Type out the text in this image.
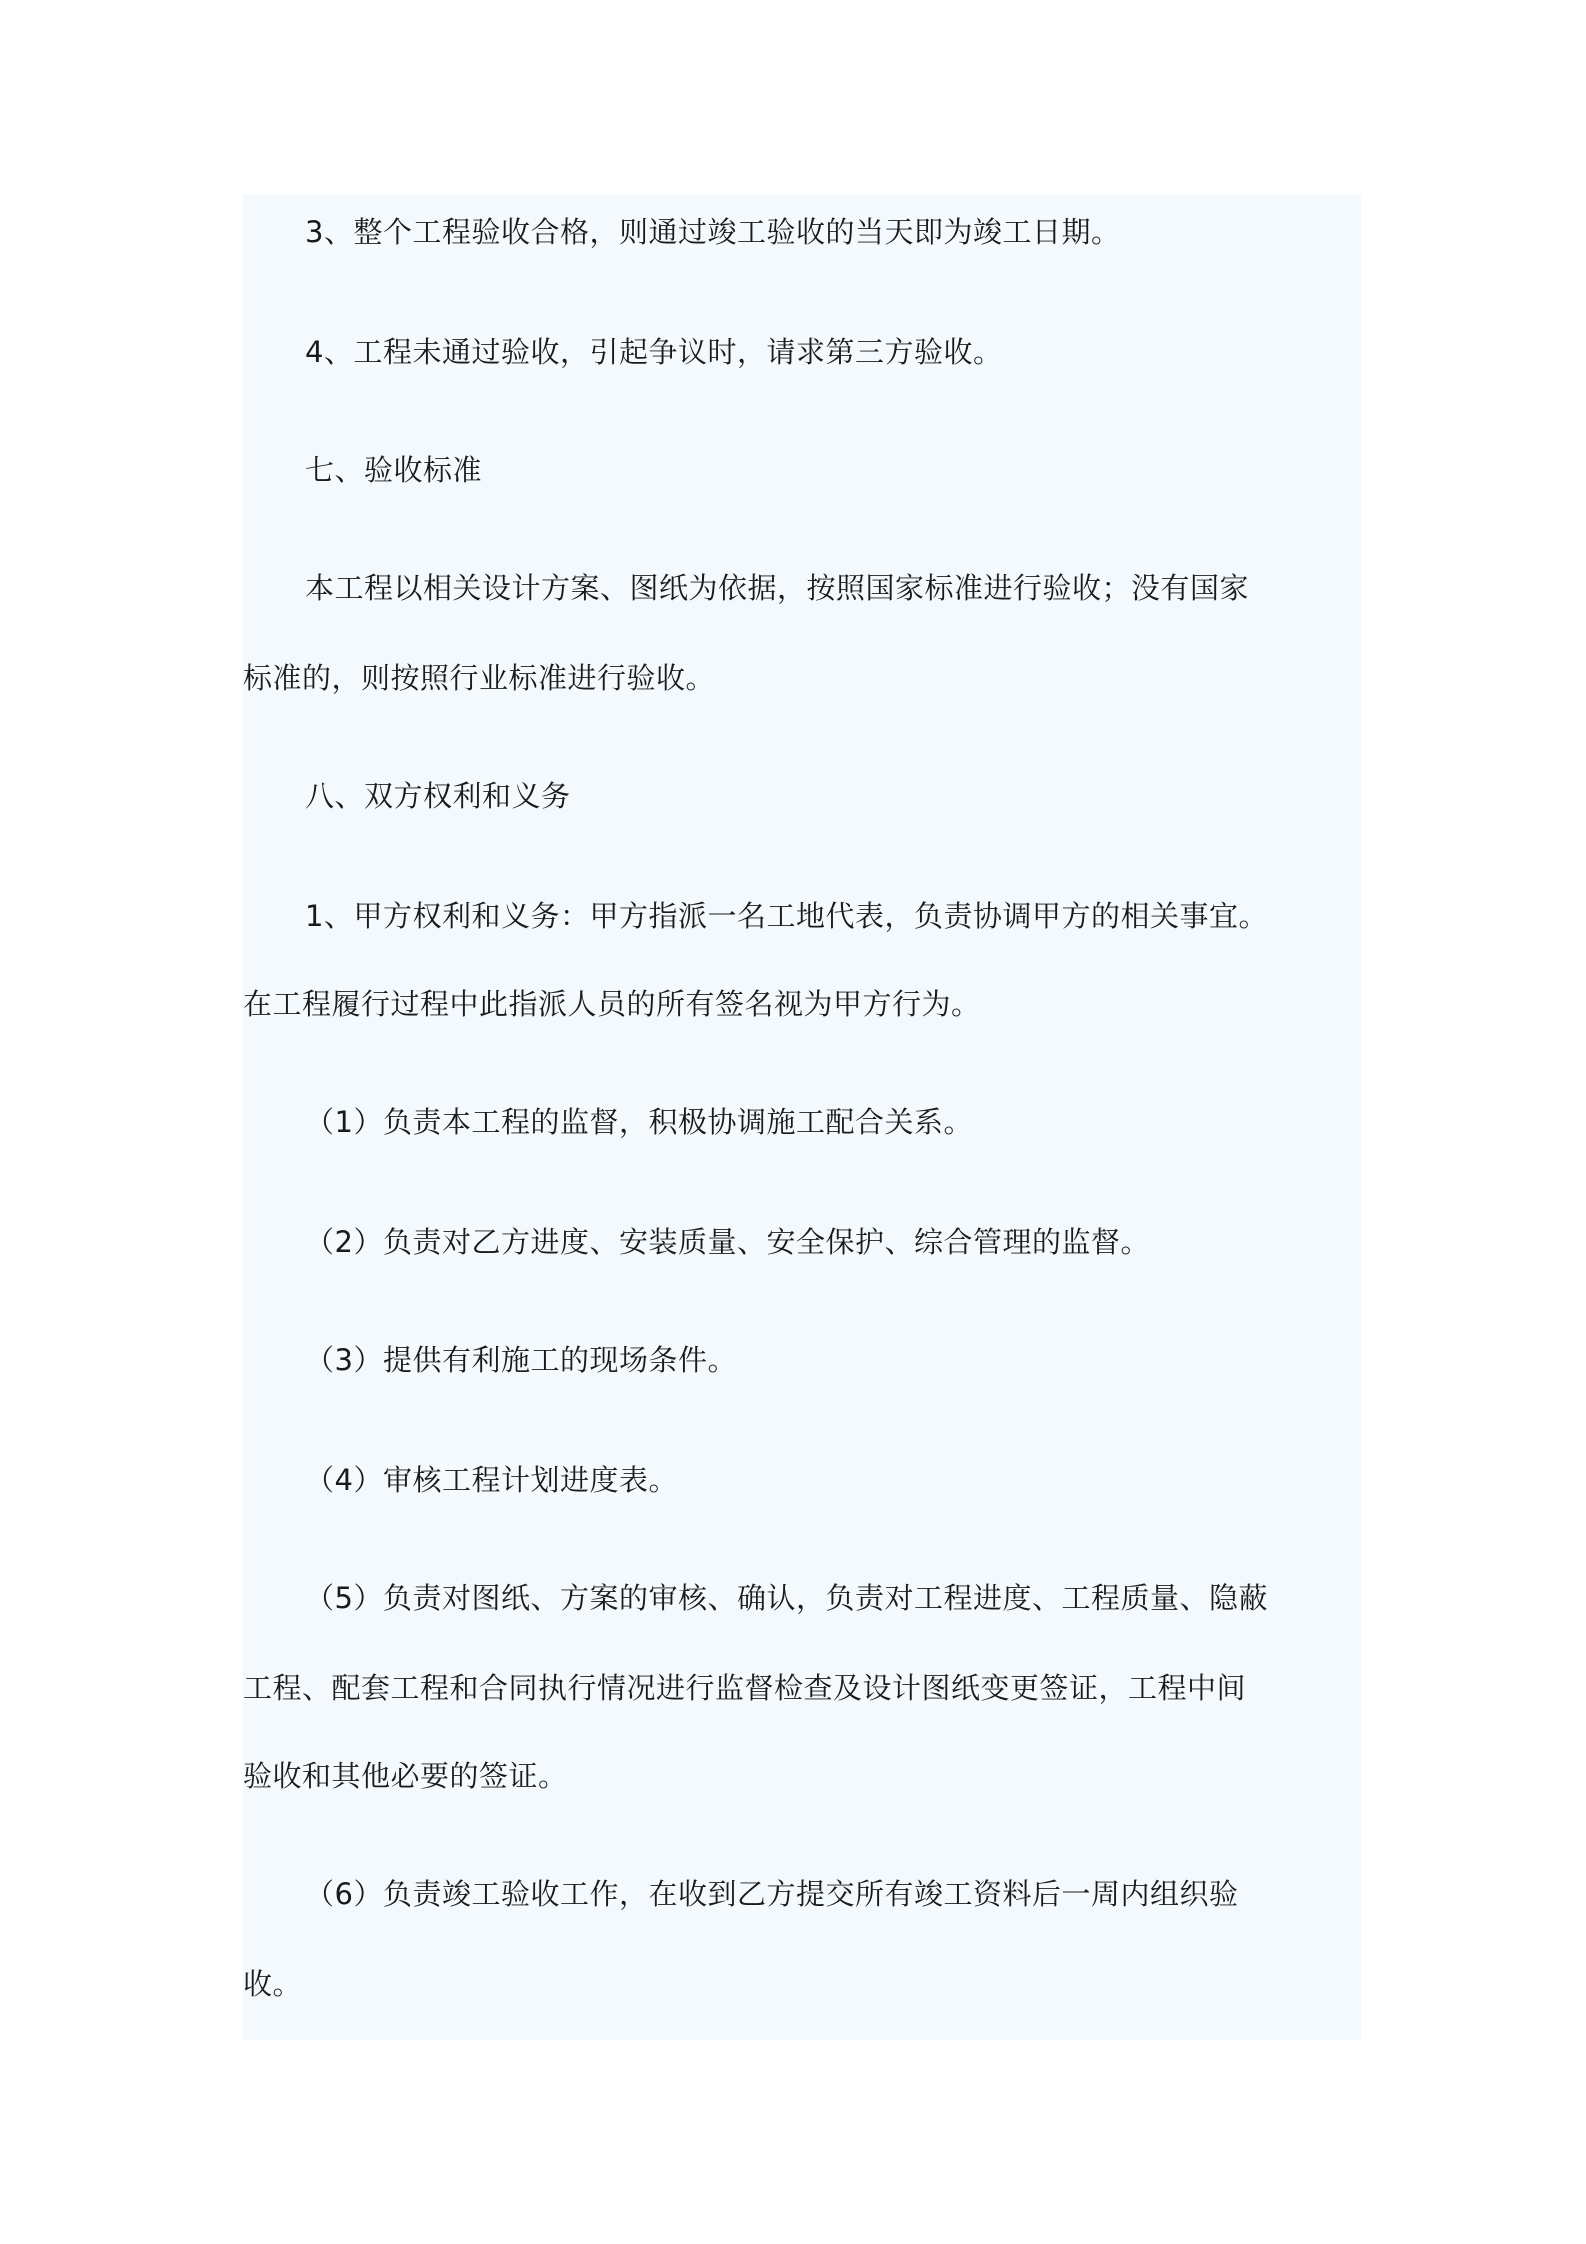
3、整个工程验收合格，则通过竣工验收的当天即为竣工日期。

4、工程未通过验收，引起争议时，请求第三方验收。

七、验收标准

本工程以相关设计方案、图纸为依据，按照国家标准进行验收；没有国家

标准的，则按照行业标准进行验收。

八、双方权利和义务

1、甲方权利和义务：甲方指派一名工地代表，负责协调甲方的相关事宜。

在工程履行过程中此指派人员的所有签名视为甲方行为。

（1）负责本工程的监督，积极协调施工配合关系。

（2）负责对乙方进度、安装质量、安全保护、综合管理的监督。

（3）提供有利施工的现场条件。

（4）审核工程计划进度表。

（5）负责对图纸、方案的审核、确认，负责对工程进度、工程质量、隐蔽

工程、配套工程和合同执行情况进行监督检查及设计图纸变更签证，工程中间

验收和其他必要的签证。

（6）负责竣工验收工作，在收到乙方提交所有竣工资料后一周内组织验

收。
